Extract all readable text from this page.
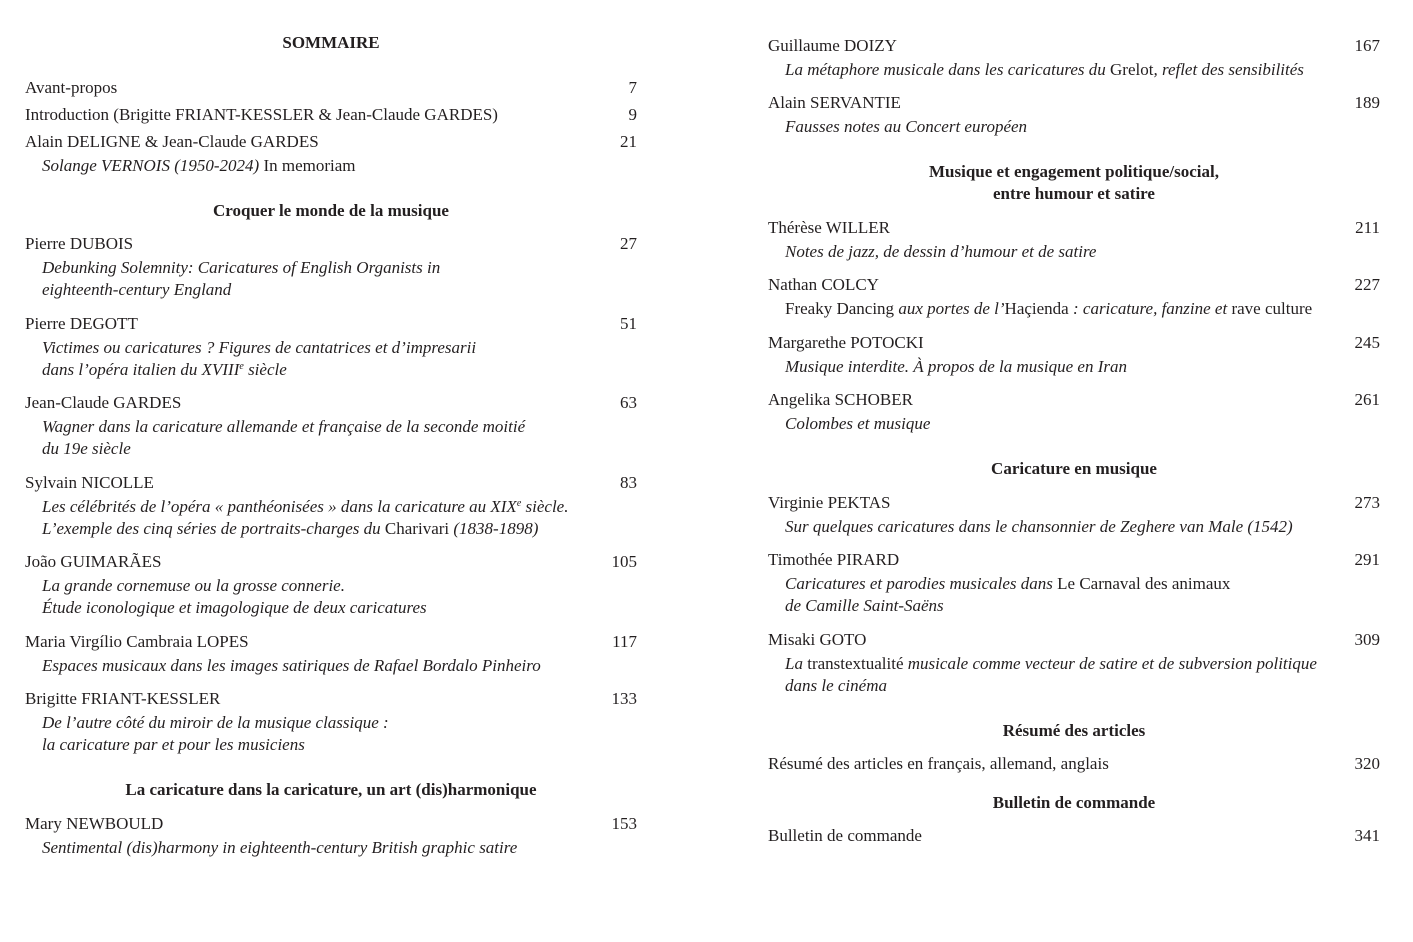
SOMMAIRE
Avant-propos	7
Introduction (Brigitte FRIANT-KESSLER & Jean-Claude GARDES)	9
Alain DELIGNE & Jean-Claude GARDES	21
Solange VERNOIS (1950-2024) In memoriam
Croquer le monde de la musique
Pierre DUBOIS	27
Debunking Solemnity: Caricatures of English Organists in
eighteenth-century England
Pierre DEGOTT	51
Victimes ou caricatures ? Figures de cantatrices et d’impresarii
dans l’opéra italien du XVIIIe siècle
Jean-Claude GARDES	63
Wagner dans la caricature allemande et française de la seconde moitié
du 19e siècle
Sylvain NICOLLE	83
Les célébrités de l’opéra « panthéonisées » dans la caricature au XIXe siècle.
L’exemple des cinq séries de portraits-charges du Charivari (1838-1898)
João GUIMARÃES	105
La grande cornemuse ou la grosse connerie.
Étude iconologique et imagologique de deux caricatures
Maria Virgílio Cambraia LOPES	117
Espaces musicaux dans les images satiriques de Rafael Bordalo Pinheiro
Brigitte FRIANT-KESSLER	133
De l’autre côté du miroir de la musique classique :
la caricature par et pour les musiciens
La caricature dans la caricature, un art (dis)harmonique
Mary NEWBOULD	153
Sentimental (dis)harmony in eighteenth-century British graphic satire
Guillaume DOIZY	167
La métaphore musicale dans les caricatures du Grelot, reflet des sensibilités
Alain SERVANTIE	189
Fausses notes au Concert européen
Musique et engagement politique/social,
entre humour et satire
Thérèse WILLER	211
Notes de jazz, de dessin d’humour et de satire
Nathan COLCY	227
Freaky Dancing aux portes de l’Haçienda : caricature, fanzine et rave culture
Margarethe POTOCKI	245
Musique interdite. À propos de la musique en Iran
Angelika SCHOBER	261
Colombes et musique
Caricature en musique
Virginie PEKTAS	273
Sur quelques caricatures dans le chansonnier de Zeghere van Male (1542)
Timothée PIRARD	291
Caricatures et parodies musicales dans Le Carnaval des animaux
de Camille Saint-Saëns
Misaki GOTO	309
La transtextualité musicale comme vecteur de satire et de subversion politique
dans le cinéma
Résumé des articles
Résumé des articles en français, allemand, anglais	320
Bulletin de commande
Bulletin de commande	341
